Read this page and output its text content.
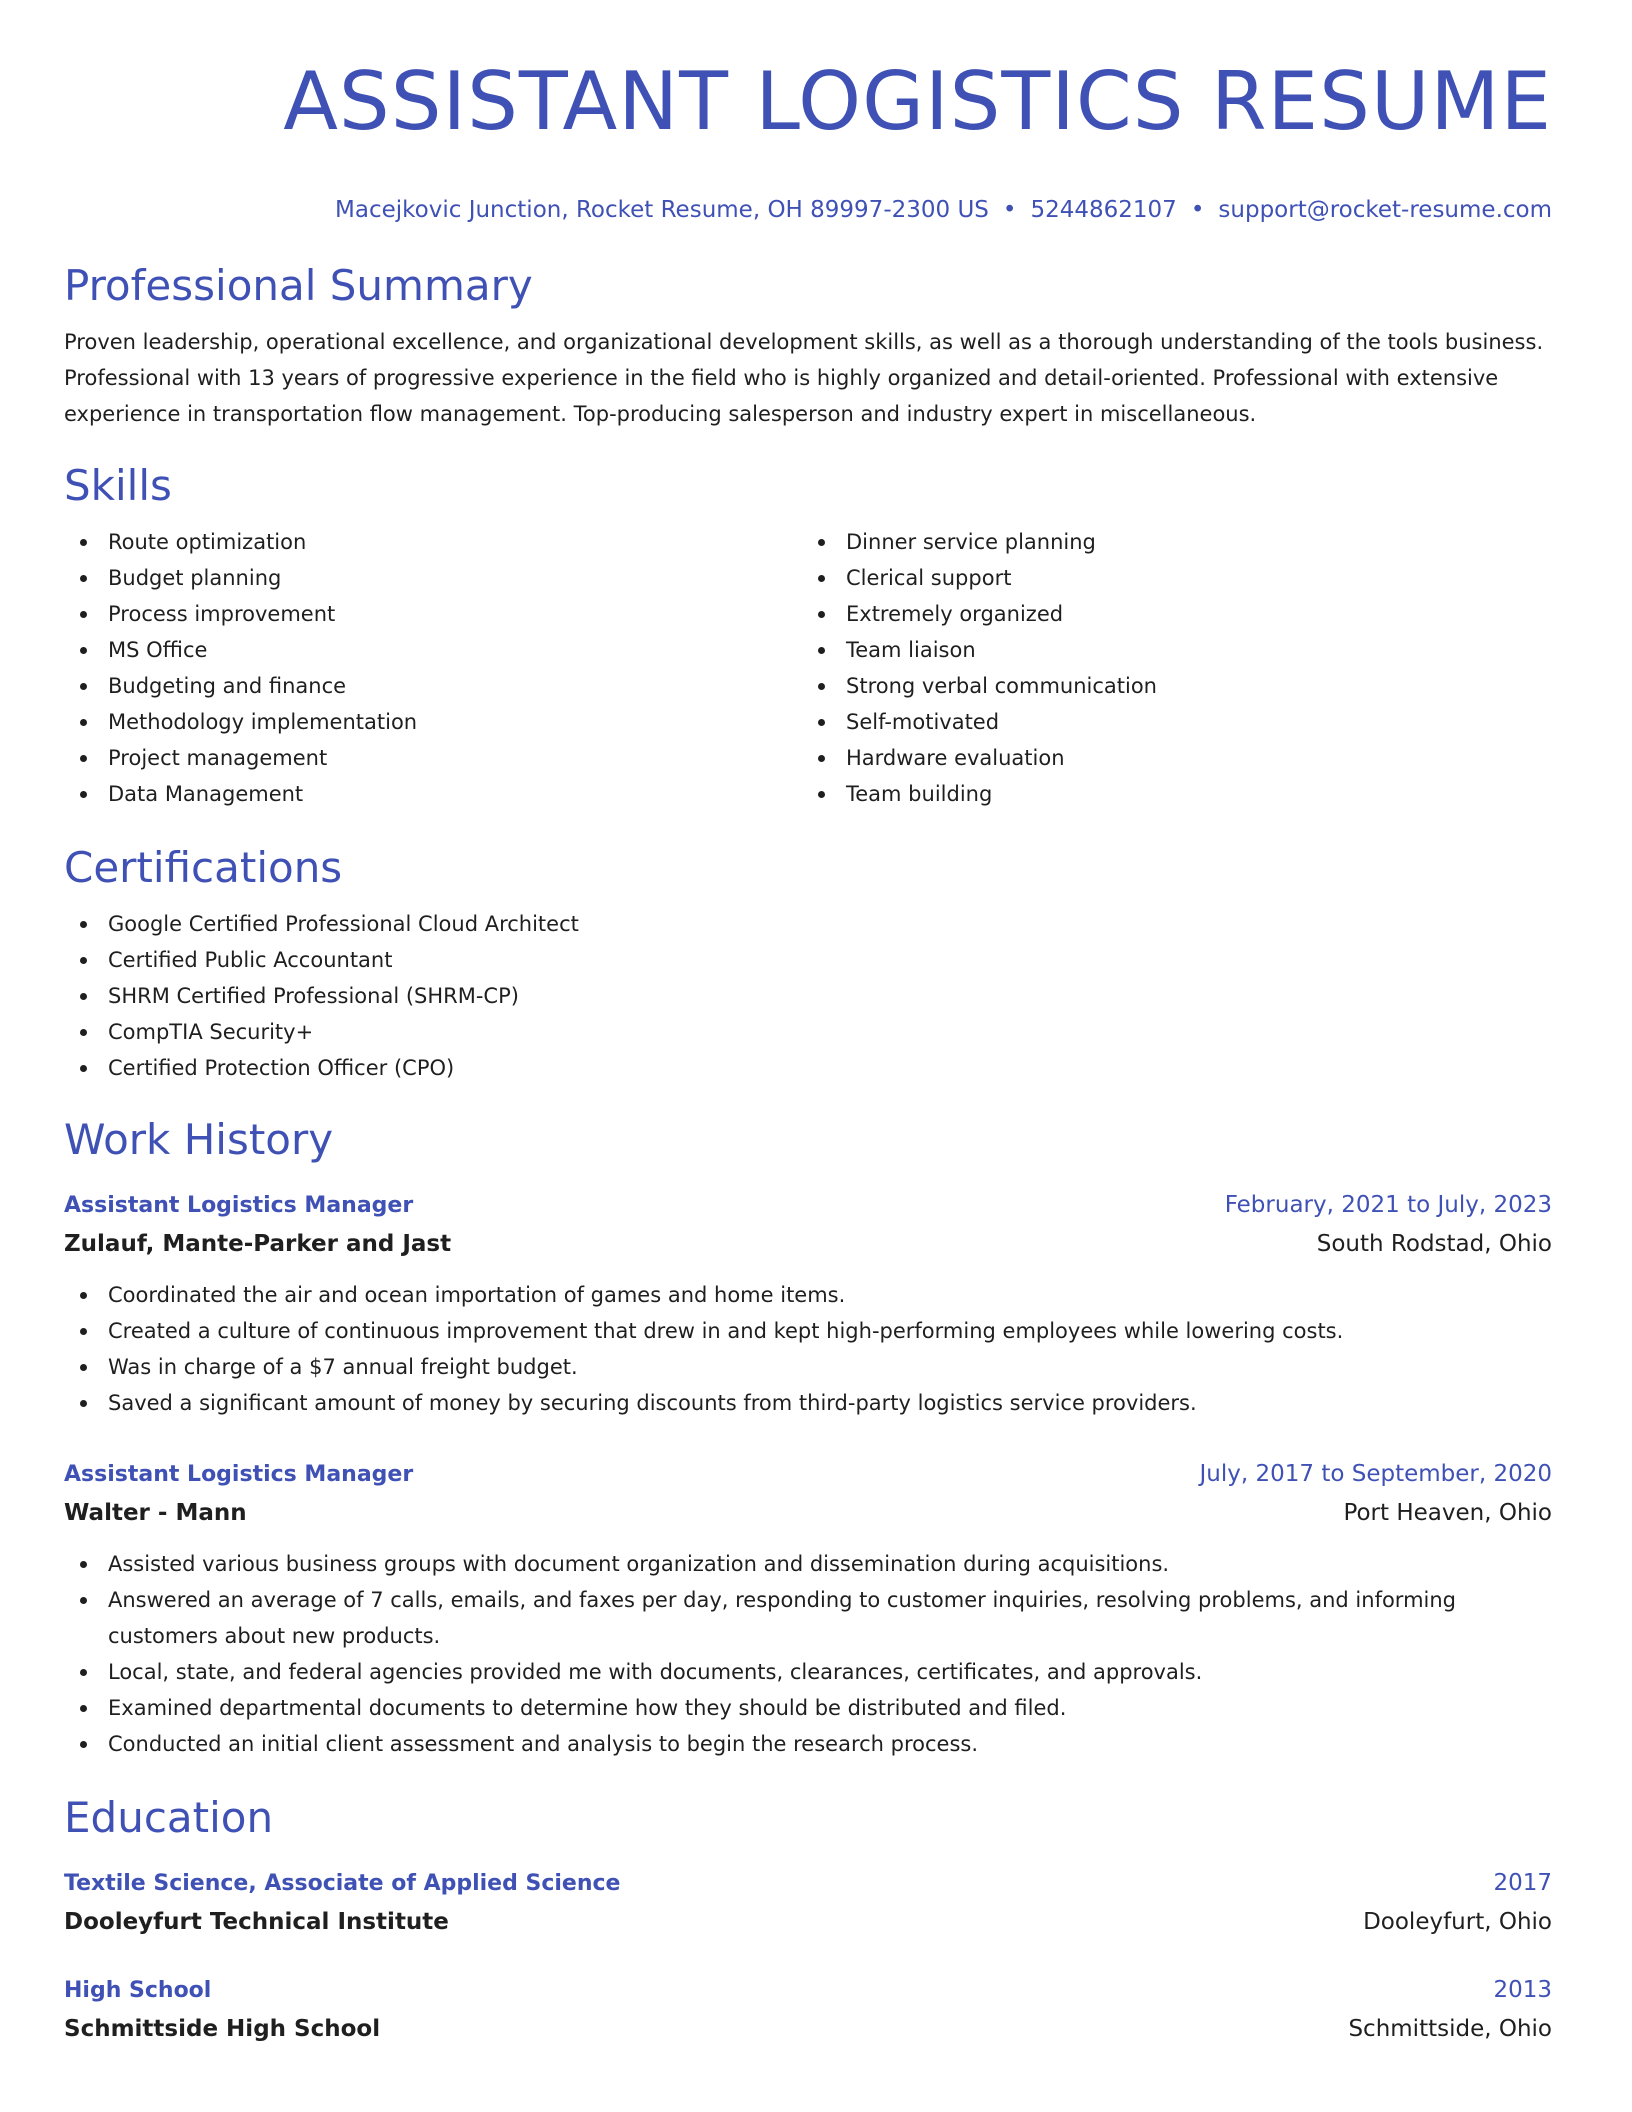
ASSISTANT LOGISTICS RESUME
Macejkovic Junction, Rocket Resume, OH 89997-2300 US • 5244862107 • support@rocket-resume.com
Professional Summary

Proven leadership, operational excellence, and organizational development skills, as well as a thorough understanding of the tools business. Professional with 13 years of progressive experience in the field who is highly organized and detail-oriented. Professional with extensive experience in transportation flow management. Top-producing salesperson and industry expert in miscellaneous.

Skills
Route optimization
Budget planning
Process improvement
MS Office
Budgeting and finance
Methodology implementation
Project management
Data Management
Dinner service planning
Clerical support
Extremely organized
Team liaison
Strong verbal communication
Self-motivated
Hardware evaluation
Team building
Certifications
Google Certified Professional Cloud Architect
Certified Public Accountant
SHRM Certified Professional (SHRM-CP)
CompTIA Security+
Certified Protection Officer (CPO)
Work History
Assistant Logistics Manager	February, 2021 to July, 2023
Zulauf, Mante-Parker and Jast	South Rodstad, Ohio
Coordinated the air and ocean importation of games and home items.
Created a culture of continuous improvement that drew in and kept high-performing employees while lowering costs.
Was in charge of a $7 annual freight budget.
Saved a significant amount of money by securing discounts from third-party logistics service providers.
Assistant Logistics Manager	July, 2017 to September, 2020
Walter - Mann	Port Heaven, Ohio
Assisted various business groups with document organization and dissemination during acquisitions.
Answered an average of 7 calls, emails, and faxes per day, responding to customer inquiries, resolving problems, and informing customers about new products.
Local, state, and federal agencies provided me with documents, clearances, certificates, and approvals.
Examined departmental documents to determine how they should be distributed and filed.
Conducted an initial client assessment and analysis to begin the research process.
Education
Textile Science, Associate of Applied Science	2017
Dooleyfurt Technical Institute	Dooleyfurt, Ohio
High School	2013
Schmittside High School	Schmittside, Ohio
